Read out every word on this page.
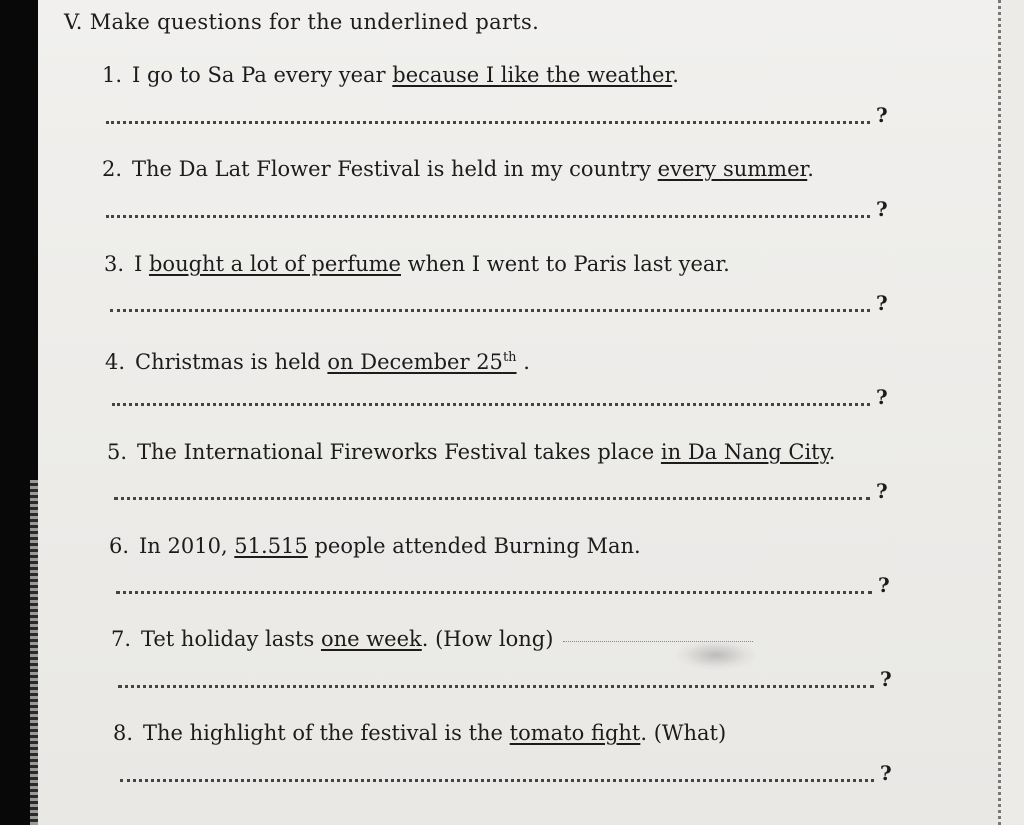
V. Make questions for the underlined parts.
1. I go to Sa Pa every year because I like the weather.
?
2. The Da Lat Flower Festival is held in my country every summer.
?
3. I bought a lot of perfume when I went to Paris last year.
?
4. Christmas is held on December 25th .
?
5. The International Fireworks Festival takes place in Da Nang City.
?
6. In 2010, 51.515 people attended Burning Man.
?
7. Tet holiday lasts one week. (How long)
?
8. The highlight of the festival is the tomato fight. (What)
?
